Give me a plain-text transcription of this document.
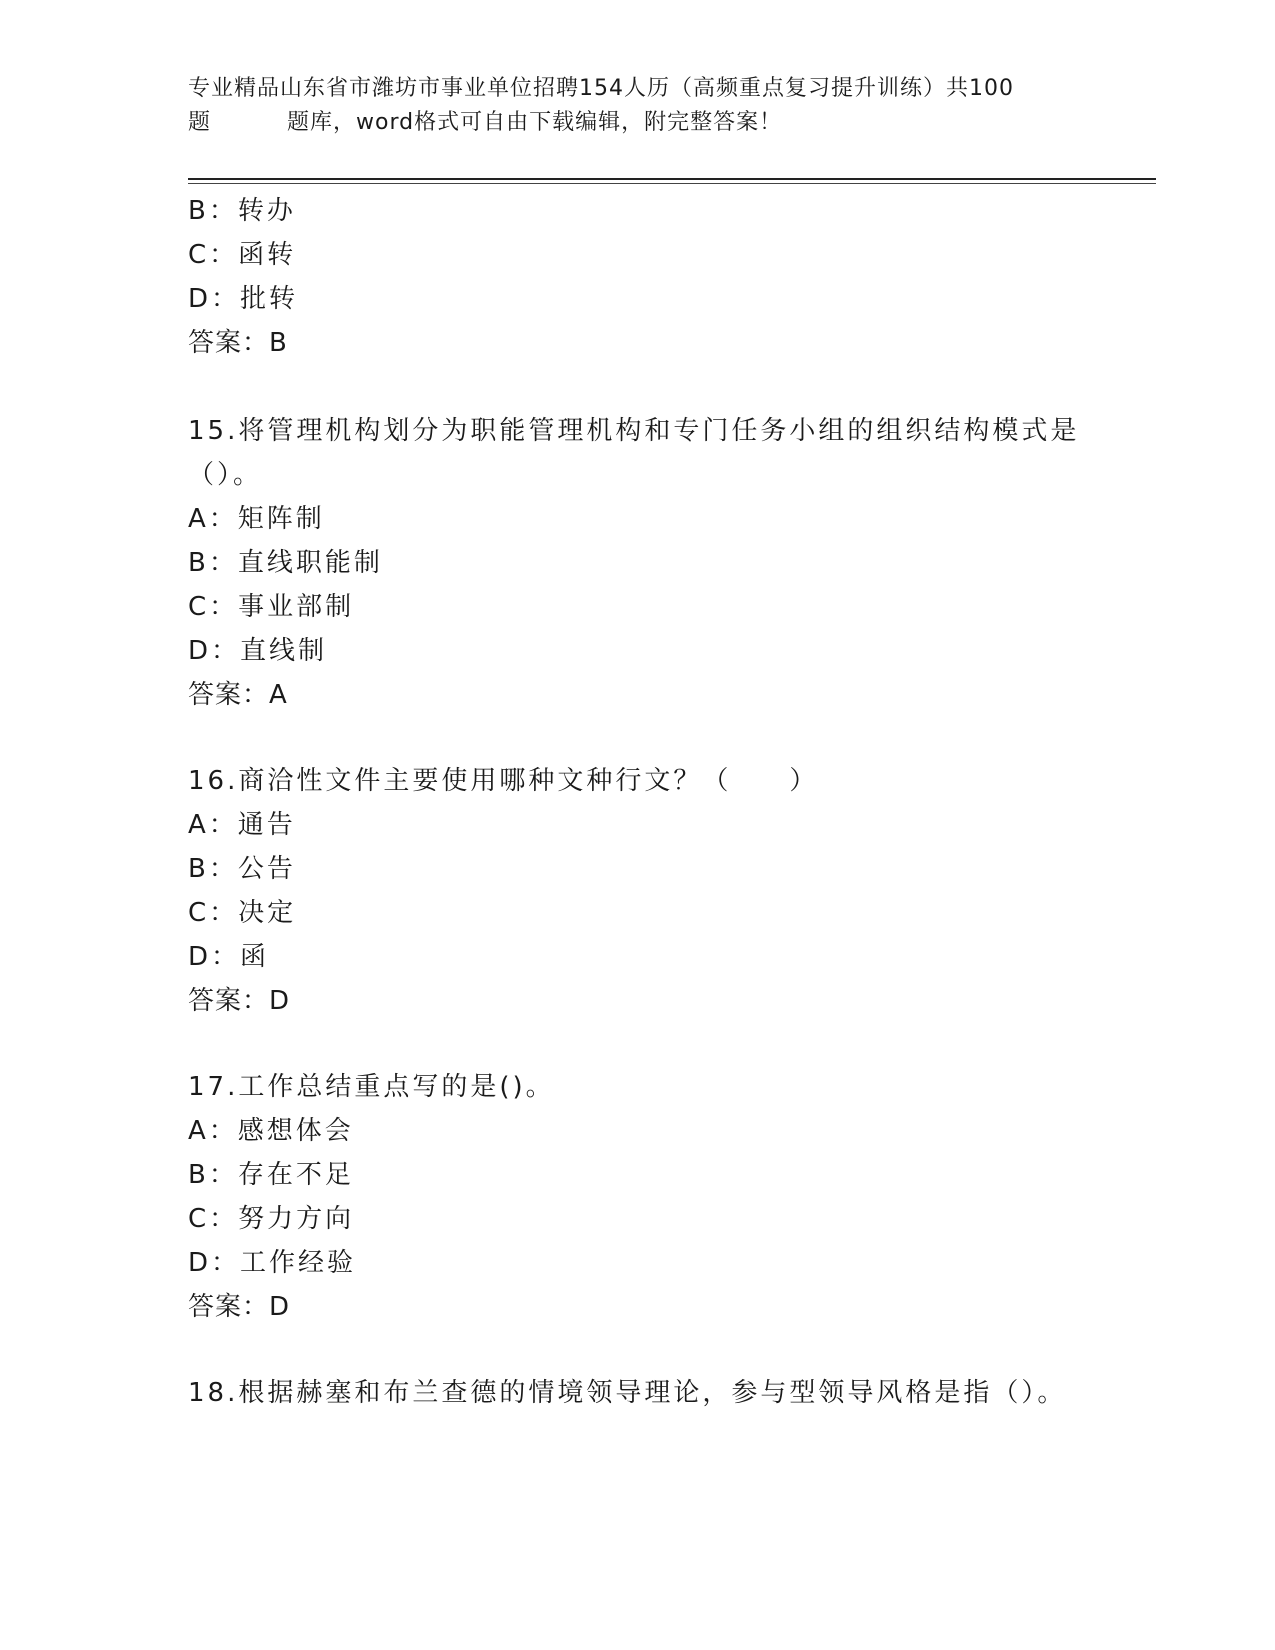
专业精品山东省市潍坊市事业单位招聘154人历（高频重点复习提升训练）共100
题	题库，word格式可自由下载编辑，附完整答案！
B：转办
C：函转
D：批转
答案：B
15.将管理机构划分为职能管理机构和专门任务小组的组织结构模式是
（）。
A：矩阵制
B：直线职能制
C：事业部制
D：直线制
答案：A
16.商洽性文件主要使用哪种文种行文？（　　）
A：通告
B：公告
C：决定
D：函
答案：D
17.工作总结重点写的是()。
A：感想体会
B：存在不足
C：努力方向
D：工作经验
答案：D
18.根据赫塞和布兰查德的情境领导理论，参与型领导风格是指（）。
